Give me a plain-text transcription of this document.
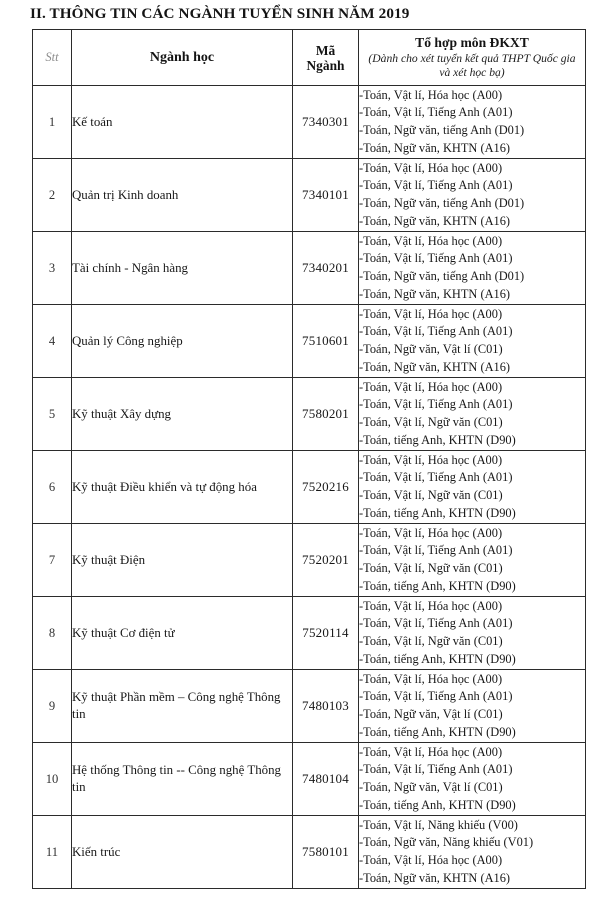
II. THÔNG TIN CÁC NGÀNH TUYỂN SINH NĂM 2019
Stt	Ngành học	Mã
Ngành	Tổ hợp môn ĐKXT
(Dành cho xét tuyển kết quả THPT Quốc gia
và xét học bạ)

1	Kế toán	7340301	-Toán, Vật lí, Hóa học (A00)
-Toán, Vật lí, Tiếng Anh (A01)
-Toán, Ngữ văn, tiếng Anh (D01)
-Toán, Ngữ văn, KHTN (A16)

2	Quản trị Kinh doanh	7340101	-Toán, Vật lí, Hóa học (A00)
-Toán, Vật lí, Tiếng Anh (A01)
-Toán, Ngữ văn, tiếng Anh (D01)
-Toán, Ngữ văn, KHTN (A16)

3	Tài chính - Ngân hàng	7340201	-Toán, Vật lí, Hóa học (A00)
-Toán, Vật lí, Tiếng Anh (A01)
-Toán, Ngữ văn, tiếng Anh (D01)
-Toán, Ngữ văn, KHTN (A16)

4	Quản lý Công nghiệp	7510601	-Toán, Vật lí, Hóa học (A00)
-Toán, Vật lí, Tiếng Anh (A01)
-Toán, Ngữ văn, Vật lí (C01)
-Toán, Ngữ văn, KHTN (A16)

5	Kỹ thuật Xây dựng	7580201	-Toán, Vật lí, Hóa học (A00)
-Toán, Vật lí, Tiếng Anh (A01)
-Toán, Vật lí, Ngữ văn (C01)
-Toán, tiếng Anh, KHTN (D90)

6	Kỹ thuật Điều khiển và tự động hóa	7520216	-Toán, Vật lí, Hóa học (A00)
-Toán, Vật lí, Tiếng Anh (A01)
-Toán, Vật lí, Ngữ văn (C01)
-Toán, tiếng Anh, KHTN (D90)

7	Kỹ thuật Điện	7520201	-Toán, Vật lí, Hóa học (A00)
-Toán, Vật lí, Tiếng Anh (A01)
-Toán, Vật lí, Ngữ văn (C01)
-Toán, tiếng Anh, KHTN (D90)

8	Kỹ thuật Cơ điện tử	7520114	-Toán, Vật lí, Hóa học (A00)
-Toán, Vật lí, Tiếng Anh (A01)
-Toán, Vật lí, Ngữ văn (C01)
-Toán, tiếng Anh, KHTN (D90)

9	Kỹ thuật Phần mềm – Công nghệ Thông tin	7480103	-Toán, Vật lí, Hóa học (A00)
-Toán, Vật lí, Tiếng Anh (A01)
-Toán, Ngữ văn, Vật lí (C01)
-Toán, tiếng Anh, KHTN (D90)

10	Hệ thống Thông tin -- Công nghệ Thông tin	7480104	-Toán, Vật lí, Hóa học (A00)
-Toán, Vật lí, Tiếng Anh (A01)
-Toán, Ngữ văn, Vật lí (C01)
-Toán, tiếng Anh, KHTN (D90)

11	Kiến trúc	7580101	-Toán, Vật lí, Năng khiếu (V00)
-Toán, Ngữ văn, Năng khiếu (V01)
-Toán, Vật lí, Hóa học (A00)
-Toán, Ngữ văn, KHTN (A16)
